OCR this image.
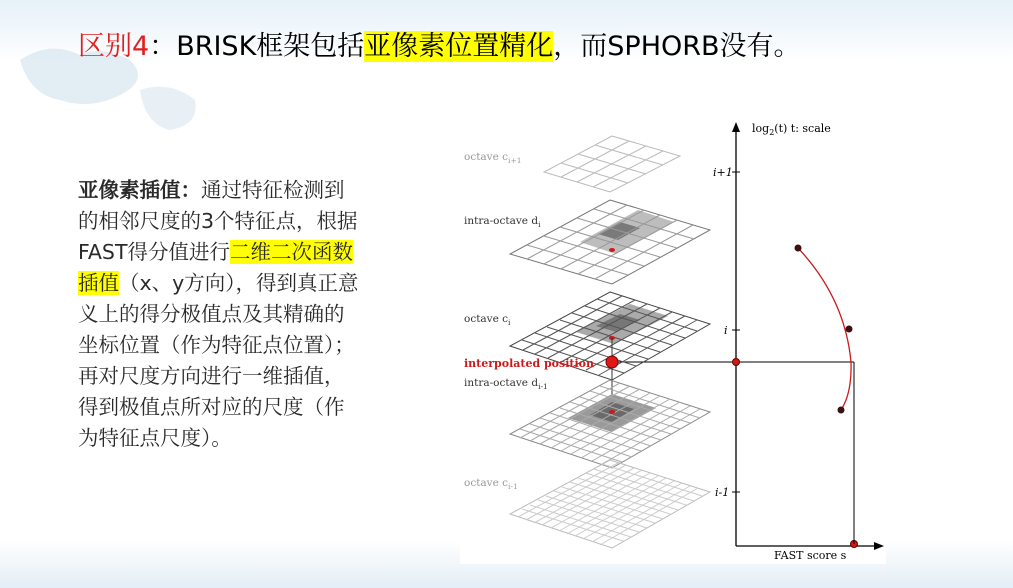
区别4：BRISK框架包括亚像素位置精化，而SPHORB没有。
亚像素插值：通过特征检测到的相邻尺度的3个特征点，根据FAST得分值进行二维二次函数插值（x、y方向），得到真正意义上的得分极值点及其精确的坐标位置（作为特征点位置）；再对尺度方向进行一维插值，得到极值点所对应的尺度（作为特征点尺度）。
$\log_2(t)$ t: scale
FAST score s
i+1
i
i-1
octave $c_{i+1}$
intra-octave $d_i$
octave $c_i$
interpolated position
intra-octave $d_{i-1}$
octave $c_{i-1}$
